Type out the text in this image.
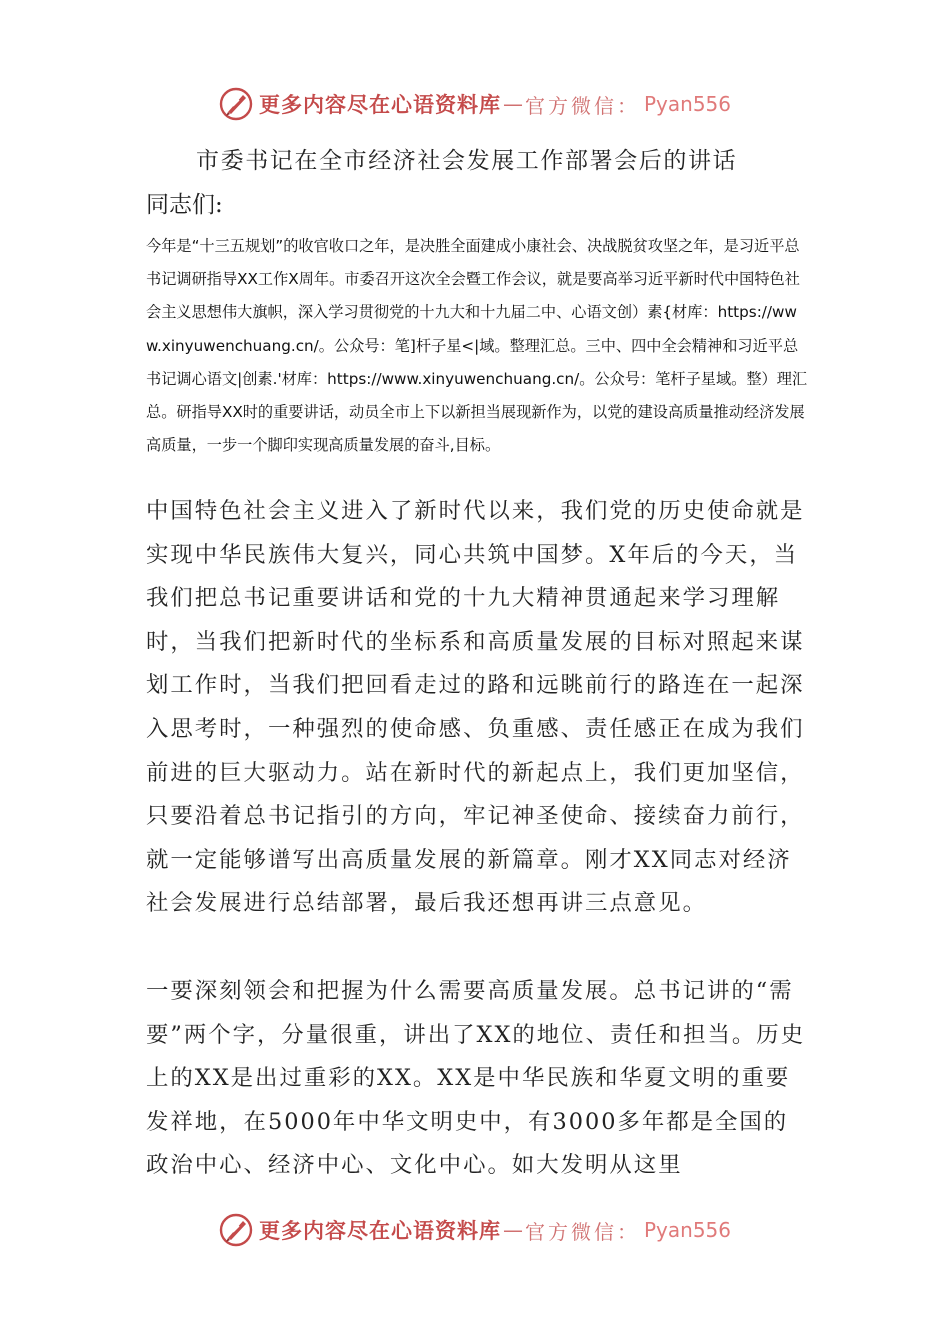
更多内容尽在心语资料库 — 官方微信： Pyan556
市委书记在全市经济社会发展工作部署会后的讲话
同志们:
今年是“十三五规划”的收官收口之年，是决胜全面建成小康社会、决战脱贫攻坚之年，是习近平总书记调研指导XX工作X周年。市委召开这次全会暨工作会议，就是要高举习近平新时代中国特色社会主义思想伟大旗帜，深入学习贯彻党的十九大和十九届二中、心语文创）素{材库：https://www.xinyuwenchuang.cn/。公众号：笔]杆子星<|域。整理汇总。三中、四中全会精神和习近平总书记调心语文|创素.'材库：https://www.xinyuwenchuang.cn/。公众号：笔杆子星域。整）理汇总。研指导XX时的重要讲话，动员全市上下以新担当展现新作为，以党的建设高质量推动经济发展高质量，一步一个脚印实现高质量发展的奋斗,目标。
中国特色社会主义进入了新时代以来，我们党的历史使命就是实现中华民族伟大复兴，同心共筑中国梦。X年后的今天，当我们把总书记重要讲话和党的十九大精神贯通起来学习理解时，当我们把新时代的坐标系和高质量发展的目标对照起来谋划工作时，当我们把回看走过的路和远眺前行的路连在一起深入思考时，一种强烈的使命感、负重感、责任感正在成为我们前进的巨大驱动力。站在新时代的新起点上，我们更加坚信，只要沿着总书记指引的方向，牢记神圣使命、接续奋力前行，就一定能够谱写出高质量发展的新篇章。刚才XX同志对经济社会发展进行总结部署，最后我还想再讲三点意见。
一要深刻领会和把握为什么需要高质量发展。总书记讲的“需要”两个字，分量很重，讲出了XX的地位、责任和担当。历史上的XX是出过重彩的XX。XX是中华民族和华夏文明的重要发祥地，在5000年中华文明史中，有3000多年都是全国的政治中心、经济中心、文化中心。如大发明从这里
更多内容尽在心语资料库 — 官方微信： Pyan556
